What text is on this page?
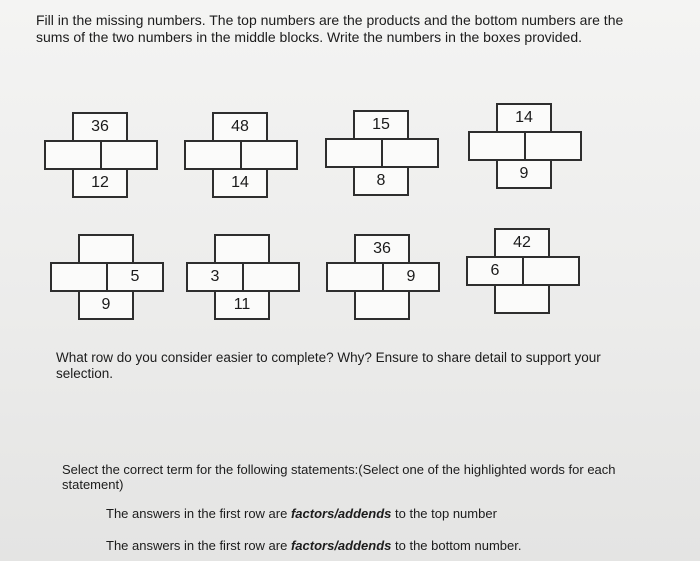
Fill in the missing numbers. The top numbers are the products and the bottom numbers are the sums of the two numbers in the middle blocks. Write the numbers in the boxes provided.

36
12
48
14
15
8
14
9
5
9
3
11
36
9
42
6

What row do you consider easier to complete? Why? Ensure to share detail to support your selection.

Select the correct term for the following statements:(Select one of the highlighted words for each statement)

The answers in the first row are factors/addends to the top number

The answers in the first row are factors/addends to the bottom number.
